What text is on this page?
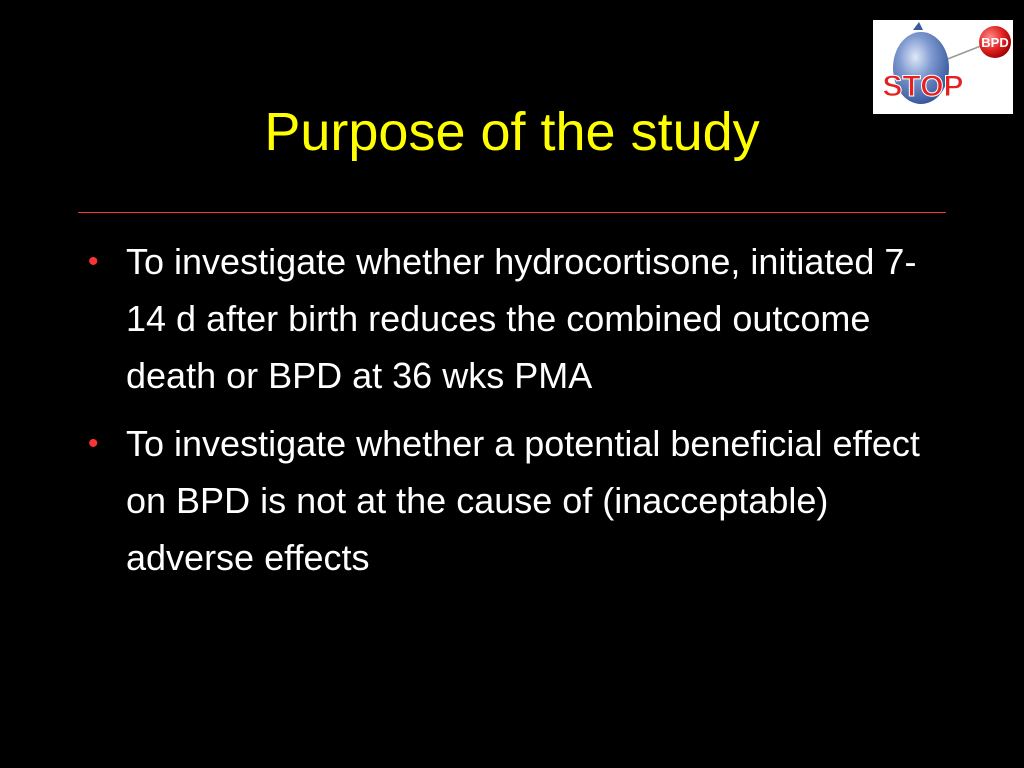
BPD
STOP
Purpose of the study
• To investigate whether hydrocortisone, initiated 7-14 d after birth reduces the combined outcome death or BPD at 36 wks PMA
• To investigate whether a potential beneficial effect on BPD is not at the cause of (inacceptable) adverse effects
